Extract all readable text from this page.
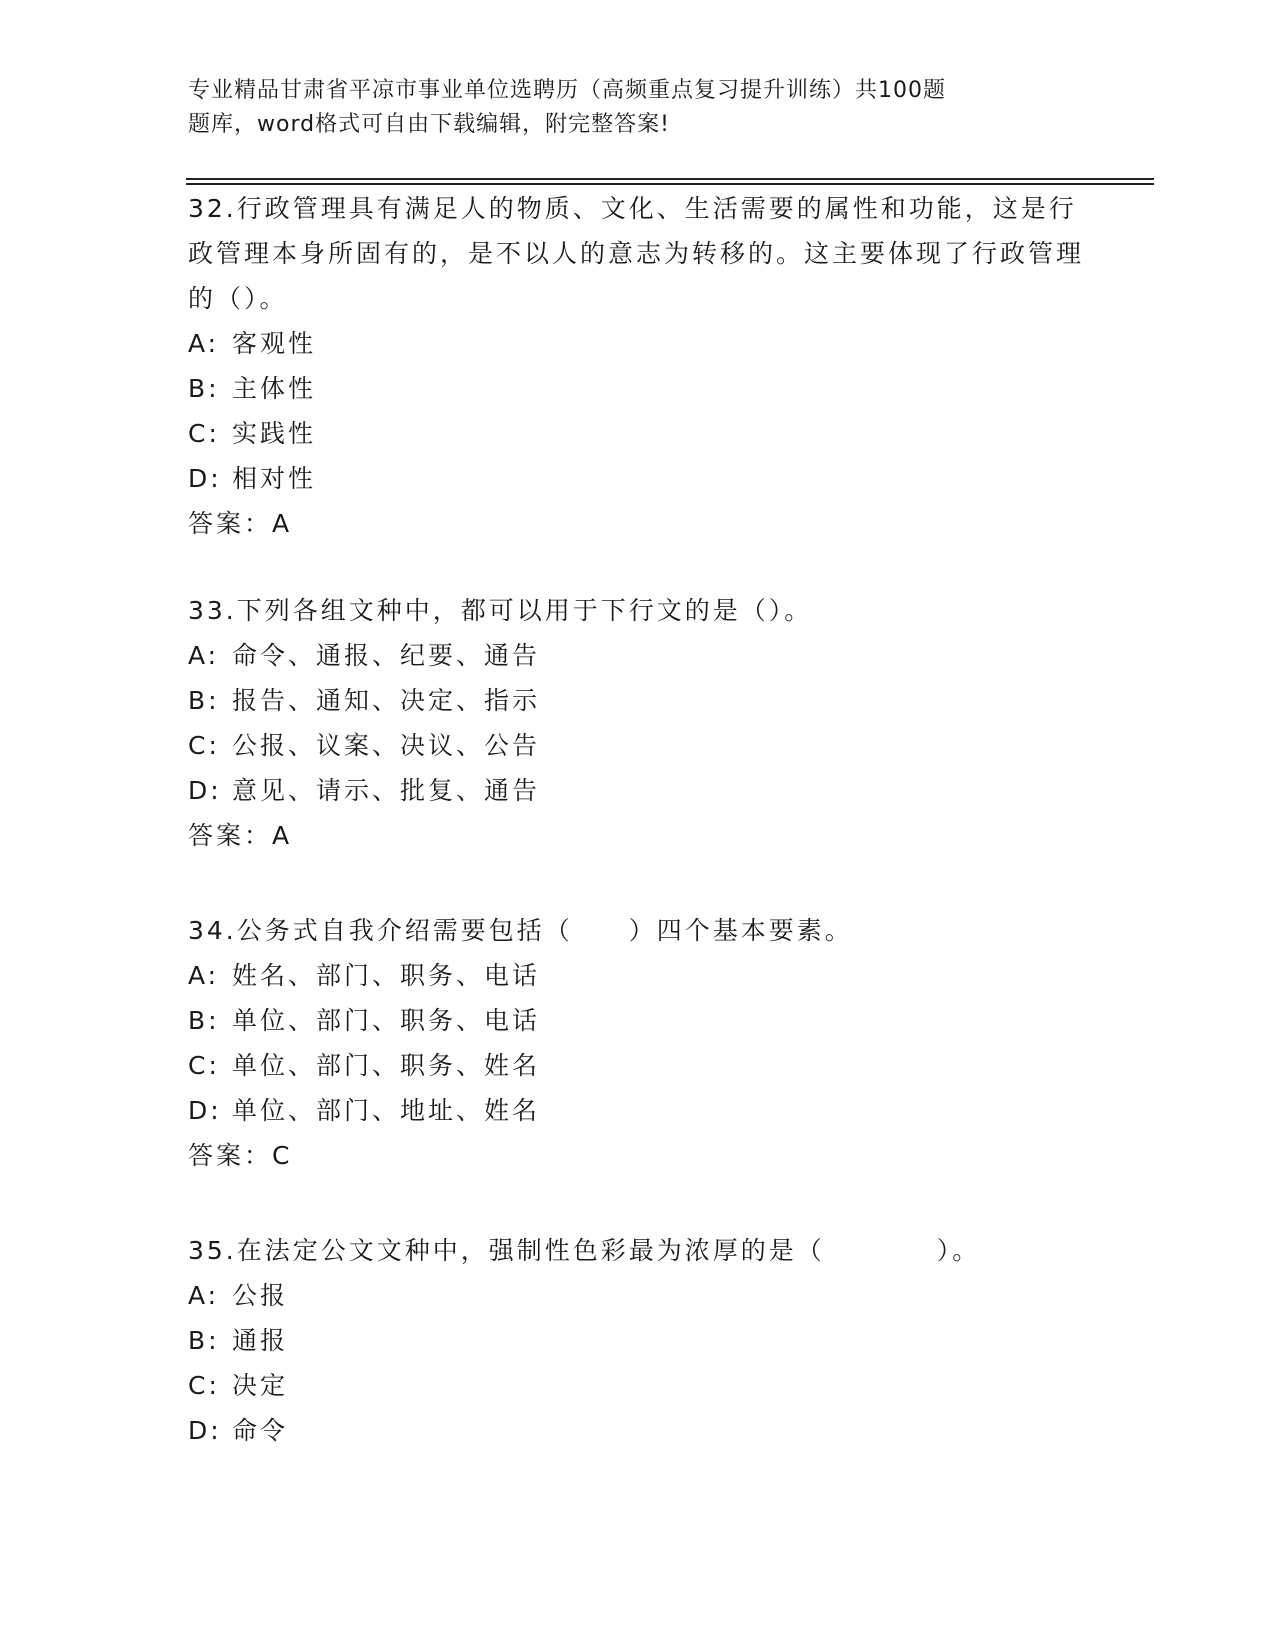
专业精品甘肃省平凉市事业单位选聘历（高频重点复习提升训练）共100题
题库，word格式可自由下载编辑，附完整答案!
32.行政管理具有满足人的物质、文化、生活需要的属性和功能，这是行政管理本身所固有的，是不以人的意志为转移的。这主要体现了行政管理的（）。
A: 客观性
B: 主体性
C: 实践性
D: 相对性
答案：A
33.下列各组文种中，都可以用于下行文的是（）。
A: 命令、通报、纪要、通告
B: 报告、通知、决定、指示
C: 公报、议案、决议、公告
D: 意见、请示、批复、通告
答案：A
34.公务式自我介绍需要包括（　　）四个基本要素。
A: 姓名、部门、职务、电话
B: 单位、部门、职务、电话
C: 单位、部门、职务、姓名
D: 单位、部门、地址、姓名
答案：C
35.在法定公文文种中，强制性色彩最为浓厚的是（　　　　）。
A: 公报
B: 通报
C: 决定
D: 命令
